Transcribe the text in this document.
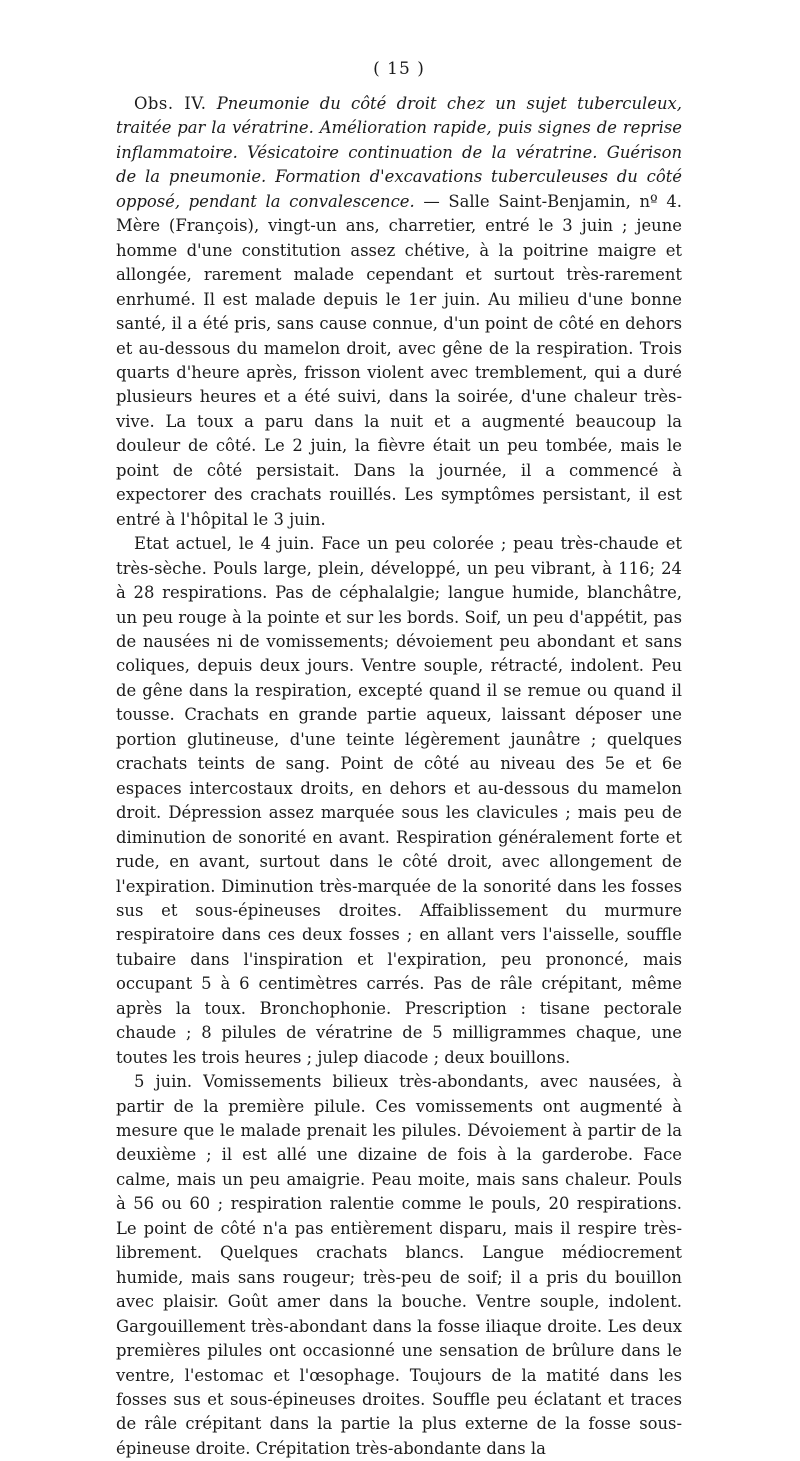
( 15 )

Obs. IV. Pneumonie du côté droit chez un sujet tuberculeux, traitée par la vératrine. Amélioration rapide, puis signes de reprise inflammatoire. Vésicatoire continuation de la vératrine. Guérison de la pneumonie. Formation d'excavations tuberculeuses du côté opposé, pendant la convalescence. — Salle Saint-Benjamin, nº 4. Mère (François), vingt-un ans, charretier, entré le 3 juin ; jeune homme d'une constitution assez chétive, à la poitrine maigre et allongée, rarement malade cependant et surtout très-rarement enrhumé. Il est malade depuis le 1er juin. Au milieu d'une bonne santé, il a été pris, sans cause connue, d'un point de côté en dehors et au-dessous du mamelon droit, avec gêne de la respiration. Trois quarts d'heure après, frisson violent avec tremblement, qui a duré plusieurs heures et a été suivi, dans la soirée, d'une chaleur très-vive. La toux a paru dans la nuit et a augmenté beaucoup la douleur de côté. Le 2 juin, la fièvre était un peu tombée, mais le point de côté persistait. Dans la journée, il a commencé à expectorer des crachats rouillés. Les symptômes persistant, il est entré à l'hôpital le 3 juin.

Etat actuel, le 4 juin. Face un peu colorée ; peau très-chaude et très-sèche. Pouls large, plein, développé, un peu vibrant, à 116; 24 à 28 respirations. Pas de céphalalgie; langue humide, blanchâtre, un peu rouge à la pointe et sur les bords. Soif, un peu d'appétit, pas de nausées ni de vomissements; dévoiement peu abondant et sans coliques, depuis deux jours. Ventre souple, rétracté, indolent. Peu de gêne dans la respiration, excepté quand il se remue ou quand il tousse. Crachats en grande partie aqueux, laissant déposer une portion glutineuse, d'une teinte légèrement jaunâtre ; quelques crachats teints de sang. Point de côté au niveau des 5e et 6e espaces intercostaux droits, en dehors et au-dessous du mamelon droit. Dépression assez marquée sous les clavicules ; mais peu de diminution de sonorité en avant. Respiration généralement forte et rude, en avant, surtout dans le côté droit, avec allongement de l'expiration. Diminution très-marquée de la sonorité dans les fosses sus et sous-épineuses droites. Affaiblissement du murmure respiratoire dans ces deux fosses ; en allant vers l'aisselle, souffle tubaire dans l'inspiration et l'expiration, peu prononcé, mais occupant 5 à 6 centimètres carrés. Pas de râle crépitant, même après la toux. Bronchophonie. Prescription : tisane pectorale chaude ; 8 pilules de vératrine de 5 milligrammes chaque, une toutes les trois heures ; julep diacode ; deux bouillons.

5 juin. Vomissements bilieux très-abondants, avec nausées, à partir de la première pilule. Ces vomissements ont augmenté à mesure que le malade prenait les pilules. Dévoiement à partir de la deuxième ; il est allé une dizaine de fois à la garderobe. Face calme, mais un peu amaigrie. Peau moite, mais sans chaleur. Pouls à 56 ou 60 ; respiration ralentie comme le pouls, 20 respirations. Le point de côté n'a pas entièrement disparu, mais il respire très-librement. Quelques crachats blancs. Langue médiocrement humide, mais sans rougeur; très-peu de soif; il a pris du bouillon avec plaisir. Goût amer dans la bouche. Ventre souple, indolent. Gargouillement très-abondant dans la fosse iliaque droite. Les deux premières pilules ont occasionné une sensation de brûlure dans le ventre, l'estomac et l'œsophage. Toujours de la matité dans les fosses sus et sous-épineuses droites. Souffle peu éclatant et traces de râle crépitant dans la partie la plus externe de la fosse sous-épineuse droite. Crépitation très-abondante dans la
